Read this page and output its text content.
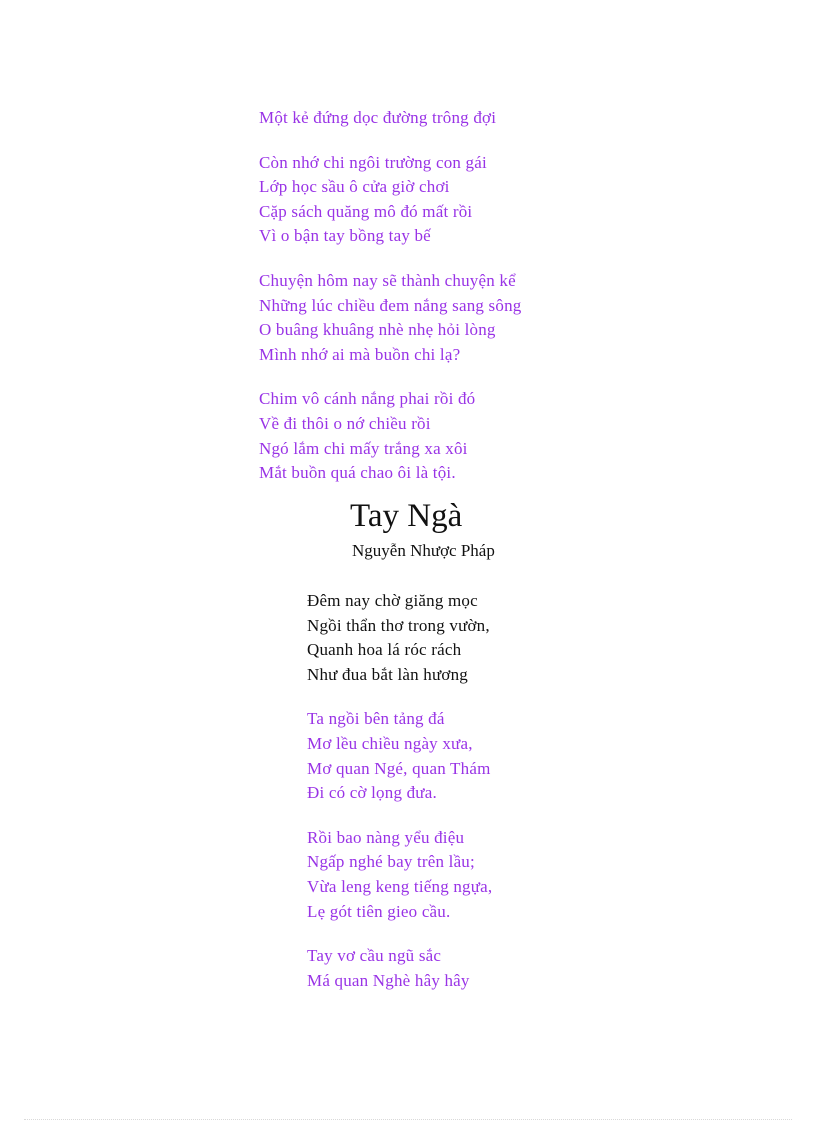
Một kẻ đứng dọc đường trông đợi
Còn nhớ chi ngôi trường con gái
Lớp học sầu ô cửa giờ chơi
Cặp sách quăng mô đó mất rồi
Vì o bận tay bồng tay bế
Chuyện hôm nay sẽ thành chuyện kể
Những lúc chiều đem nắng sang sông
O buâng khuâng nhè nhẹ hỏi lòng
Mình nhớ ai mà buồn chi lạ?
Chim vô cánh nắng phai rồi đó
Về đi thôi o nớ chiều rồi
Ngó lắm chi mấy trắng xa xôi
Mắt buồn quá chao ôi là tội.
Tay Ngà
Nguyễn Nhược Pháp
Đêm nay chờ giăng mọc
Ngồi thẩn thơ trong vườn,
Quanh hoa lá róc rách
Như đua bắt làn hương
Ta ngồi bên tảng đá
Mơ lều chiều ngày xưa,
Mơ quan Ngé, quan Thám
Đi có cờ lọng đưa.
Rồi bao nàng yểu điệu
Ngấp nghé bay trên lầu;
Vừa leng keng tiếng ngựa,
Lẹ gót tiên gieo cầu.
Tay vơ cầu ngũ sắc
Má quan Nghè hây hây
